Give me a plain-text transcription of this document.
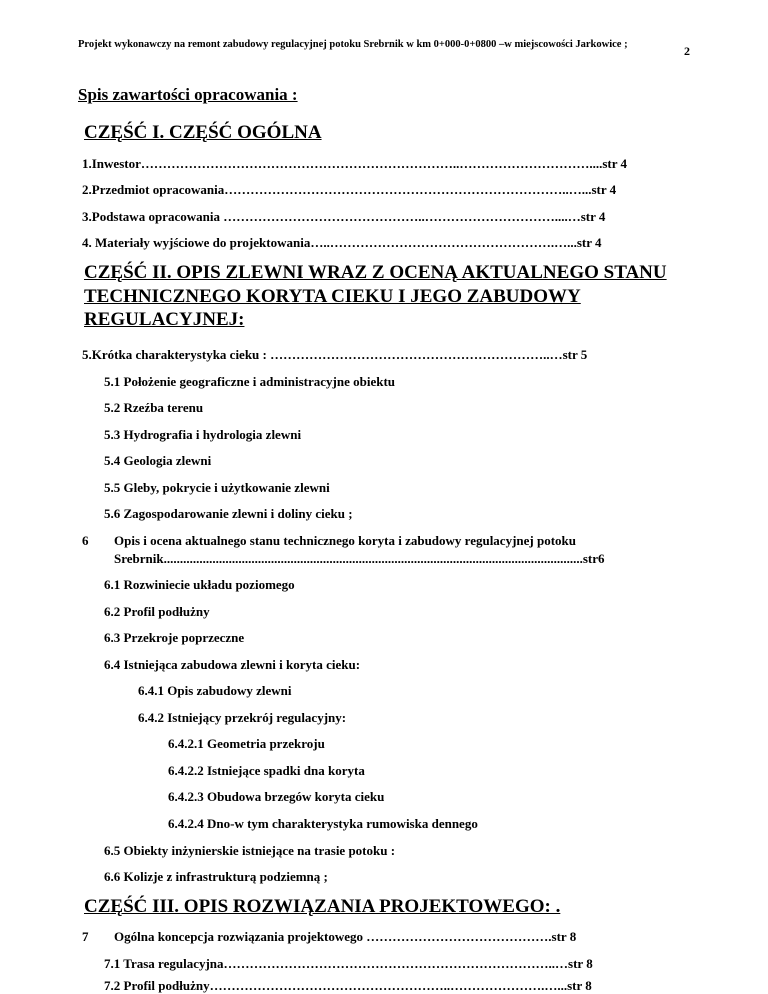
Projekt wykonawczy na remont zabudowy regulacyjnej potoku Srebrnik w km 0+000-0+0800 –w miejscowości Jarkowice ;	2
Spis zawartości opracowania :
CZĘŚĆ I. CZĘŚĆ OGÓLNA
1.Inwestor………………………………………………………………..…………………………....str 4
2.Przedmiot opracowania……………………………………………………………………..…...str 4
3.Podstawa opracowania ………………………………………..…………………………....…str 4
4. Materiały wyjściowe do projektowania…..…………………………………………….…...str 4
CZĘŚĆ II. OPIS ZLEWNI WRAZ Z OCENĄ AKTUALNEGO STANU TECHNICZNEGO KORYTA CIEKU I JEGO ZABUDOWY REGULACYJNEJ:
5.Krótka charakterystyka cieku : ………………………………………………………..…str 5
5.1 Położenie geograficzne i administracyjne obiektu
5.2 Rzeźba terenu
5.3 Hydrografia i hydrologia zlewni
5.4 Geologia zlewni
5.5 Gleby, pokrycie i użytkowanie zlewni
5.6 Zagospodarowanie zlewni i doliny cieku ;
6	Opis i ocena aktualnego stanu technicznego koryta i zabudowy regulacyjnej potoku Srebrnik.................................................................................................................................str6
6.1 Rozwiniecie układu poziomego
6.2 Profil podłużny
6.3 Przekroje poprzeczne
6.4 Istniejąca zabudowa zlewni i koryta cieku:
6.4.1 Opis zabudowy zlewni
6.4.2 Istniejący przekrój regulacyjny:
6.4.2.1 Geometria przekroju
6.4.2.2 Istniejące spadki dna koryta
6.4.2.3 Obudowa brzegów koryta cieku
6.4.2.4 Dno-w tym charakterystyka rumowiska dennego
6.5 Obiekty inżynierskie istniejące na trasie potoku :
6.6 Kolizje z infrastrukturą podziemną ;
CZĘŚĆ III. OPIS ROZWIĄZANIA PROJEKTOWEGO: .
7	Ogólna koncepcja rozwiązania projektowego …………………………………….str 8
7.1 Trasa regulacyjna…………………………………………………………………..…str 8
7.2 Profil podłużny………………………………………………..………………….…...str 8
